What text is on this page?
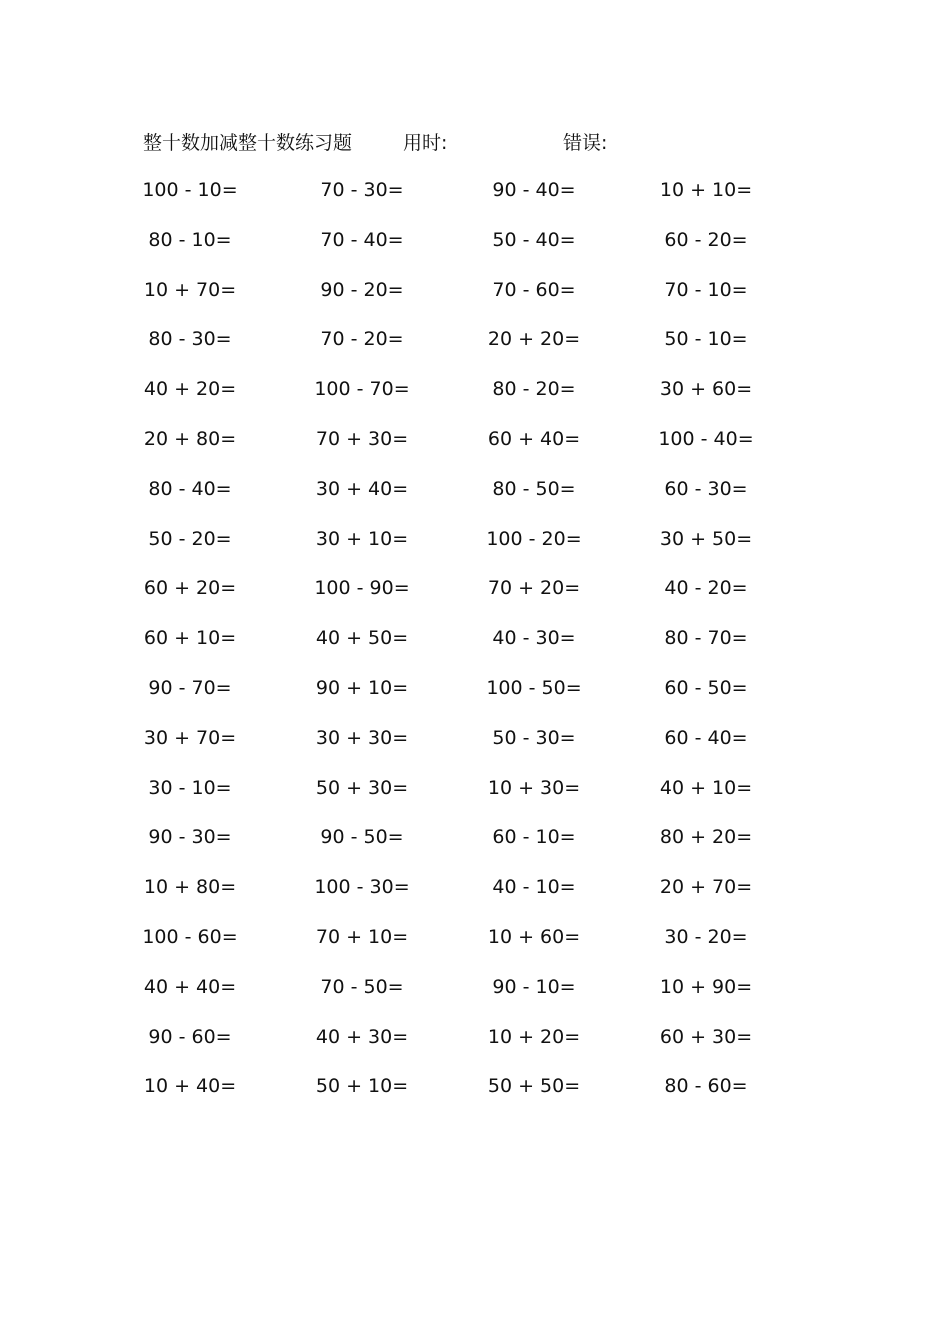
整十数加减整十数练习题	用时:	错误:
100 - 10=	70 - 30=	90 - 40=	10 + 10=
80 - 10=	70 - 40=	50 - 40=	60 - 20=
10 + 70=	90 - 20=	70 - 60=	70 - 10=
80 - 30=	70 - 20=	20 + 20=	50 - 10=
40 + 20=	100 - 70=	80 - 20=	30 + 60=
20 + 80=	70 + 30=	60 + 40=	100 - 40=
80 - 40=	30 + 40=	80 - 50=	60 - 30=
50 - 20=	30 + 10=	100 - 20=	30 + 50=
60 + 20=	100 - 90=	70 + 20=	40 - 20=
60 + 10=	40 + 50=	40 - 30=	80 - 70=
90 - 70=	90 + 10=	100 - 50=	60 - 50=
30 + 70=	30 + 30=	50 - 30=	60 - 40=
30 - 10=	50 + 30=	10 + 30=	40 + 10=
90 - 30=	90 - 50=	60 - 10=	80 + 20=
10 + 80=	100 - 30=	40 - 10=	20 + 70=
100 - 60=	70 + 10=	10 + 60=	30 - 20=
40 + 40=	70 - 50=	90 - 10=	10 + 90=
90 - 60=	40 + 30=	10 + 20=	60 + 30=
10 + 40=	50 + 10=	50 + 50=	80 - 60=
